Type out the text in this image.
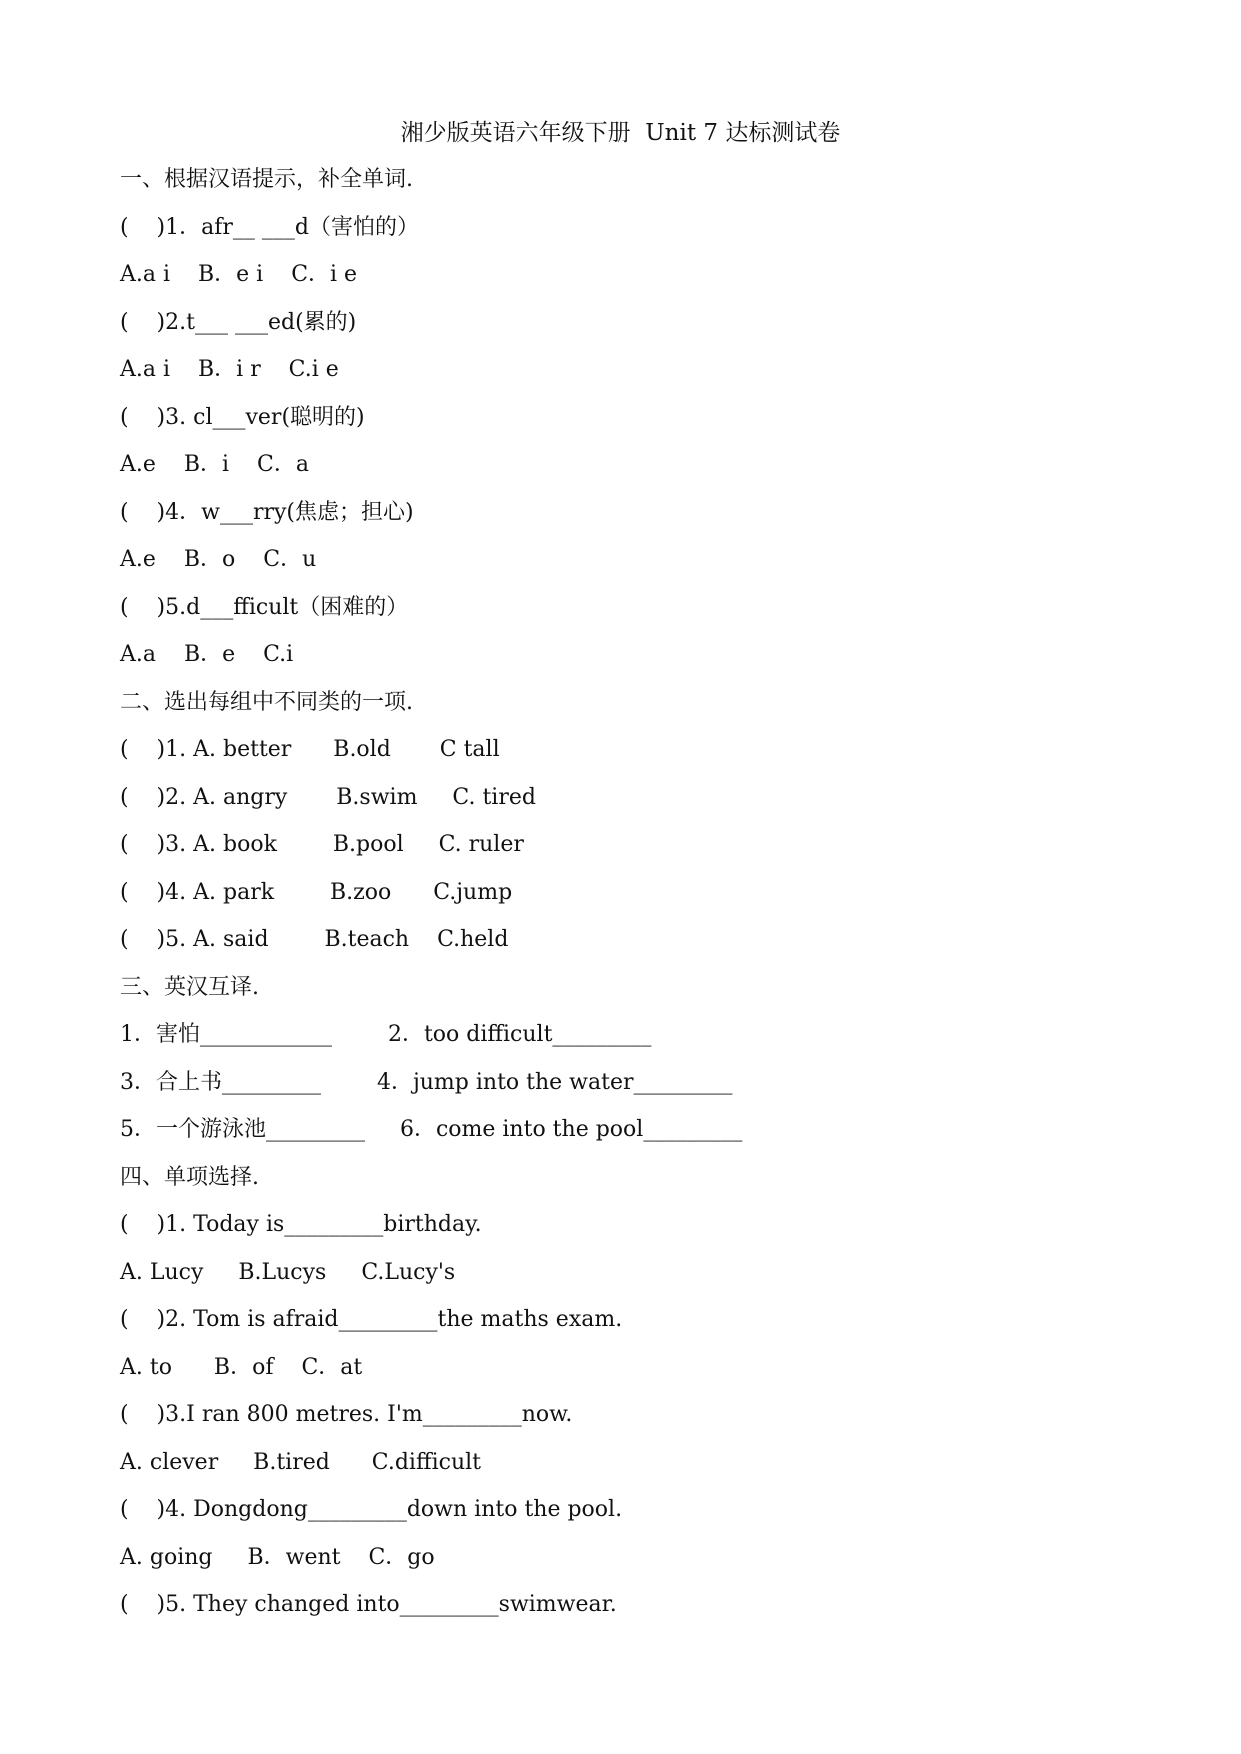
湘少版英语六年级下册  Unit 7 达标测试卷
一、根据汉语提示，补全单词.
(    )1．afr__ ___d（害怕的）
A.a i    B．e i    C．i e
(    )2.t___ ___ed(累的)
A.a i    B．i r    C.i e
(    )3. cl___ver(聪明的)
A.e    B．i    C．a
(    )4．w___rry(焦虑；担心)
A.e    B．o    C．u
(    )5.d___fficult（困难的）
A.a    B．e    C.i
二、选出每组中不同类的一项.
(    )1. A. better      B.old       C tall
(    )2. A. angry       B.swim     C. tired
(    )3. A. book        B.pool     C. ruler
(    )4. A. park        B.zoo      C.jump
(    )5. A. said        B.teach    C.held
三、英汉互译.
1．害怕____________        2．too difficult_________
3．合上书_________        4．jump into the water_________
5．一个游泳池_________     6．come into the pool_________
四、单项选择.
(    )1. Today is_________birthday.
A. Lucy     B.Lucys     C.Lucy's
(    )2. Tom is afraid_________the maths exam.
A. to      B．of    C．at
(    )3.I ran 800 metres. I'm_________now.
A. clever     B.tired      C.difficult
(    )4. Dongdong_________down into the pool.
A. going     B．went    C．go
(    )5. They changed into_________swimwear.
